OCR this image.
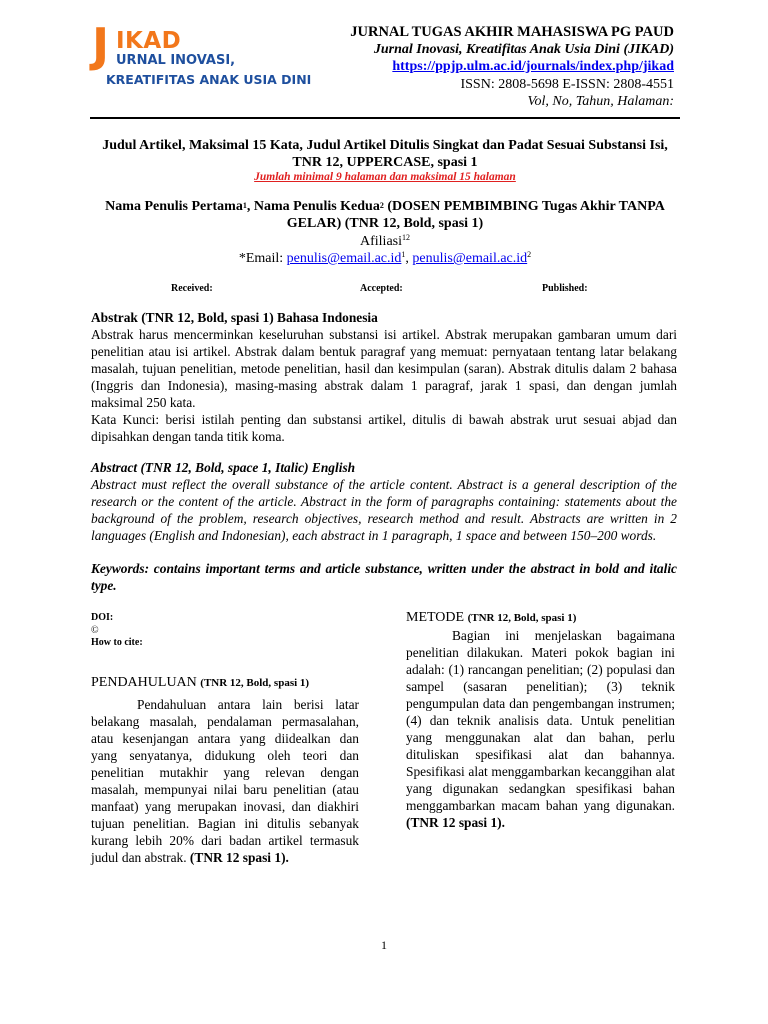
J IKAD
URNAL INOVASI,
KREATIFITAS ANAK USIA DINI
JURNAL TUGAS AKHIR MAHASISWA PG PAUD
Jurnal Inovasi, Kreatifitas Anak Usia Dini (JIKAD)
https://ppjp.ulm.ac.id/journals/index.php/jikad
ISSN: 2808-5698 E-ISSN: 2808-4551
Vol, No, Tahun, Halaman:
Judul Artikel, Maksimal 15 Kata, Judul Artikel Ditulis Singkat dan Padat Sesuai Substansi Isi, TNR 12, UPPERCASE, spasi 1
Jumlah minimal 9 halaman dan maksimal 15 halaman
Nama Penulis Pertama$^1$, Nama Penulis Kedua$^2$ (DOSEN PEMBIMBING Tugas Akhir TANPA GELAR) (TNR 12, Bold, spasi 1)
Afiliasi$^{12}$
*Email: $penulis@email.ac.id^1$, $penulis@email.ac.id^2$
Received:	Accepted:	Published:
Abstrak (TNR 12, Bold, spasi 1) Bahasa Indonesia
Abstrak harus mencerminkan keseluruhan substansi isi artikel. Abstrak merupakan gambaran umum dari penelitian atau isi artikel. Abstrak dalam bentuk paragraf yang memuat: pernyataan tentang latar belakang masalah, tujuan penelitian, metode penelitian, hasil dan kesimpulan (saran). Abstrak ditulis dalam 2 bahasa (Inggris dan Indonesia), masing-masing abstrak dalam 1 paragraf, jarak 1 spasi, dan dengan jumlah maksimal 250 kata.
Kata Kunci: berisi istilah penting dan substansi artikel, ditulis di bawah abstrak urut sesuai abjad dan dipisahkan dengan tanda titik koma.
Abstract (TNR 12, Bold, space 1, Italic) English
Abstract must reflect the overall substance of the article content. Abstract is a general description of the research or the content of the article. Abstract in the form of paragraphs containing: statements about the background of the problem, research objectives, research method and result. Abstracts are written in 2 languages (English and Indonesian), each abstract in 1 paragraph, 1 space and between 150–200 words.
Keywords: contains important terms and article substance, written under the abstract in bold and italic type.
DOI:
©
How to cite:
PENDAHULUAN (TNR 12, Bold, spasi 1)

Pendahuluan antara lain berisi latar belakang masalah, pendalaman permasalahan, atau kesenjangan antara yang diidealkan dan yang senyatanya, didukung oleh teori dan penelitian mutakhir yang relevan dengan masalah, mempunyai nilai baru penelitian (atau manfaat) yang merupakan inovasi, dan diakhiri tujuan penelitian. Bagian ini ditulis sebanyak kurang lebih 20% dari badan artikel termasuk judul dan abstrak. (TNR 12 spasi 1).

METODE (TNR 12, Bold, spasi 1)

Bagian ini menjelaskan bagaimana penelitian dilakukan. Materi pokok bagian ini adalah: (1) rancangan penelitian; (2) populasi dan sampel (sasaran penelitian); (3) teknik pengumpulan data dan pengembangan instrumen; (4) dan teknik analisis data. Untuk penelitian yang menggunakan alat dan bahan, perlu dituliskan spesifikasi alat dan bahannya. Spesifikasi alat menggambarkan kecanggihan alat yang digunakan sedangkan spesifikasi bahan menggambarkan macam bahan yang digunakan. (TNR 12 spasi 1).

1
